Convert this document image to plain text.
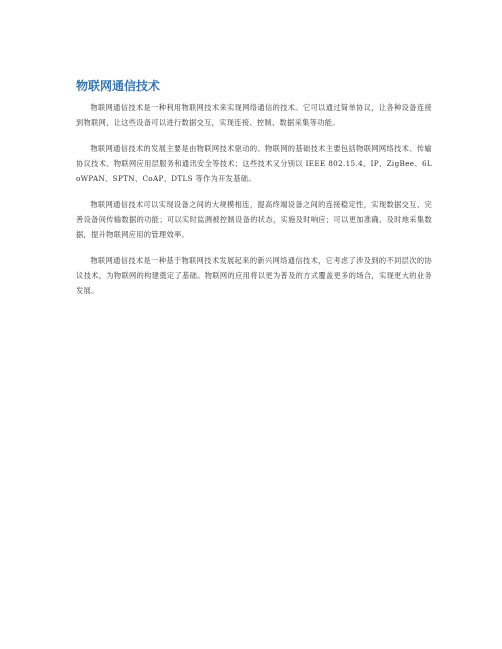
物联网通信技术

物联网通信技术是一种利用物联网技术来实现网络通信的技术。它可以通过简单协议，让各种设备连接到物联网，让这些设备可以进行数据交互，实现连接、控制、数据采集等功能。

物联网通信技术的发展主要是由物联网技术驱动的。物联网的基础技术主要包括物联网网络技术、传输协议技术、物联网应用层服务和通讯安全等技术；这些技术又分别以 IEEE 802.15.4、IP、ZigBee、6LoWPAN、SPTN、CoAP、DTLS 等作为开发基础。

物联网通信技术可以实现设备之间的大规模相连，提高终端设备之间的连接稳定性，实现数据交互、完善设备间传输数据的功能；可以实时监测被控制设备的状态，实施及时响应；可以更加准确、及时地采集数据，提升物联网应用的管理效率。

物联网通信技术是一种基于物联网技术发展起来的新兴网络通信技术，它考虑了涉及到的不同层次的协议技术，为物联网的构建奠定了基础。物联网的应用将以更为普及的方式覆盖更多的场合，实现更大的业务发展。
